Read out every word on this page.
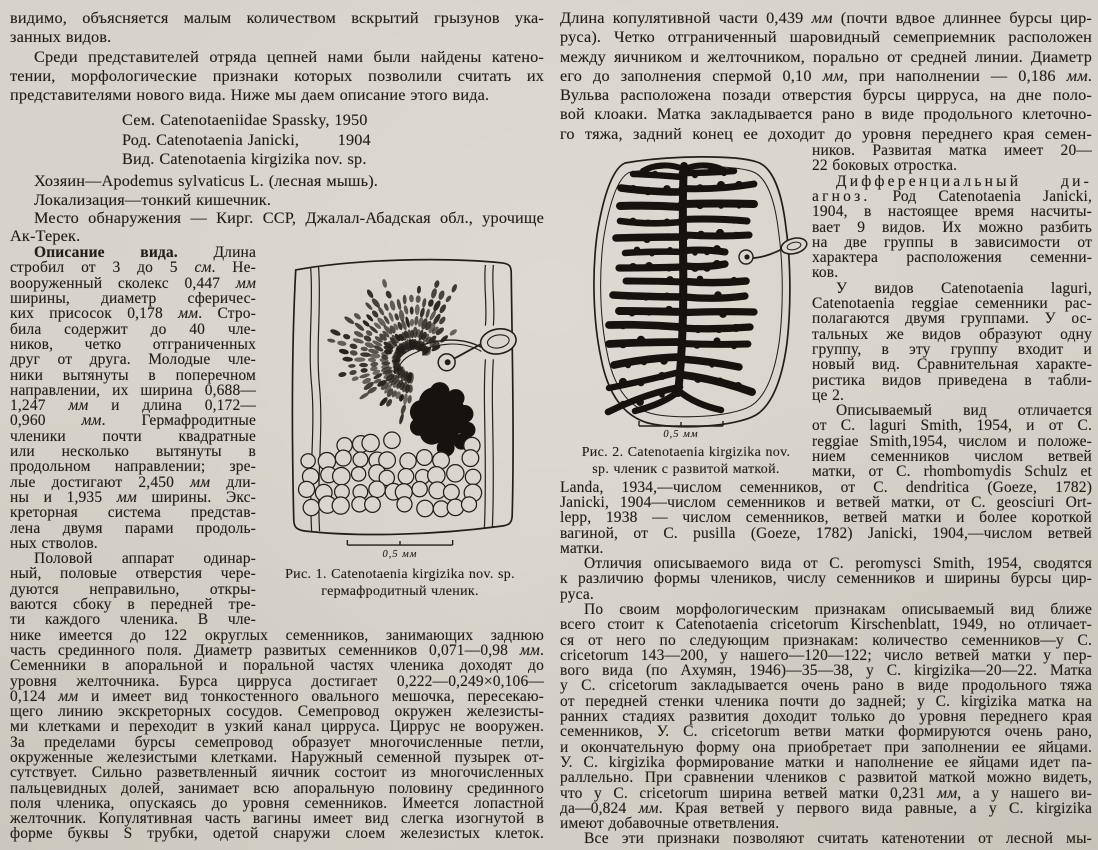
видимо, объясняется малым количеством вскрытий грызунов ука-
занных видов.
Среди представителей отряда цепней нами были найдены катено-
тении, морфологические признаки которых позволили считать их
представителями нового вида. Ниже мы даем описание этого вида.
Сем. Catenotaeniidae Spassky, 1950
Род. Catenotaenia Janicki,        1904
Вид. Catenotaenia kirgizika nov. sp.
Хозяин—Apodemus sylvaticus L. (лесная мышь).
Локализация—тонкий кишечник.
Место обнаружения — Кирг. ССР, Джалал-Абадская обл., урочище
Ак-Терек.
Описание вида. Длина
стробил от 3 до 5 см. Не-
вооруженный сколекс 0,447 мм
ширины, диаметр сферичес-
ких присосок 0,178 мм. Стро-
била содержит до 40 чле-
ников, четко отграниченных
друг от друга. Молодые чле-
ники вытянуты в поперечном
направлении, их ширина 0,688—
1,247 мм и длина 0,172—
0,960 мм. Гермафродитные
членики почти квадратные
или несколько вытянуты в
продольном направлении; зре-
лые достигают 2,450 мм дли-
ны и 1,935 мм ширины. Экс-
креторная система представ-
лена двумя парами продоль-
ных стволов.
Половой аппарат одинар-
ный, половые отверстия чере-
дуются неправильно, откры-
ваются сбоку в передней тре-
ти каждого членика. В чле-
0,5 мм
Рис. 1. Catenotaenia kirgizika nov. sp.
гермафродитный членик.
нике имеется до 122 округлых семенников, занимающих заднюю
часть срединного поля. Диаметр развитых семенников 0,071—0,98 мм.
Семенники в апоральной и поральной частях членика доходят до
уровня желточника. Бурса цирруса достигает 0,222—0,249×0,106—
0,124 мм и имеет вид тонкостенного овального мешочка, пересекаю-
щего линию экскреторных сосудов. Семепровод окружен железисты-
ми клетками и переходит в узкий канал цирруса. Циррус не вооружен.
За пределами бурсы семепровод образует многочисленные петли,
окруженные железистыми клетками. Наружный семенной пузырек от-
сутствует. Сильно разветвленный яичник состоит из многочисленных
пальцевидных долей, занимает всю апоральную половину срединного
поля членика, опускаясь до уровня семенников. Имеется лопастной
желточник. Копулятивная часть вагины имеет вид слегка изогнутой в
форме буквы S трубки, одетой снаружи слоем железистых клеток.
Длина копулятивной части 0,439 мм (почти вдвое длиннее бурсы цир-
руса). Четко отграниченный шаровидный семеприемник расположен
между яичником и желточником, порально от средней линии. Диаметр
его до заполнения спермой 0,10 мм, при наполнении — 0,186 мм.
Вульва расположена позади отверстия бурсы цирруса, на дне поло-
вой клоаки. Матка закладывается рано в виде продольного клеточно-
го тяжа, задний конец ее доходит до уровня переднего края семен-
0,5 мм
Рис. 2. Catenotaenia kirgizika nov.
sp. членик с развитой маткой.
ников. Развитая матка имеет 20—
22 боковых отростка.
Дифференциальный ди-
агноз. Род Catenotaenia Janicki,
1904, в настоящее время насчиты-
вает 9 видов. Их можно разбить
на две группы в зависимости от
характера расположения семенни-
ков.
У видов Catenotaenia laguri,
Catenotaenia reggiae семенники рас-
полагаются двумя группами. У ос-
тальных же видов образуют одну
группу, в эту группу входит и
новый вид. Сравнительная характе-
ристика видов приведена в табли-
це 2.
Описываемый вид отличается
от C. laguri Smith, 1954, и от C.
reggiae Smith,1954, числом и положе-
нием семенников числом ветвей
матки, от C. rhombomydis Schulz et
Landa, 1934,—числом семенников, от C. dendritica (Goeze, 1782)
Janicki, 1904—числом семенников и ветвей матки, от C. geosciuri Ort-
lepp, 1938 — числом семенников, ветвей матки и более короткой
вагиной, от C. pusilla (Goeze, 1782) Janicki, 1904,—числом ветвей
матки.
Отличия описываемого вида от C. peromysci Smith, 1954, сводятся
к различию формы члеников, числу семенников и ширины бурсы цир-
руса.
По своим морфологическим признакам описываемый вид ближе
всего стоит к Catenotaenia cricetorum Kirschenblatt, 1949, но отличает-
ся от него по следующим признакам: количество семенников—у C.
cricetorum 143—200, у нашего—120—122; число ветвей матки у пер-
вого вида (по Ахумян, 1946)—35—38, у C. kirgizika—20—22. Матка
у C. cricetorum закладывается очень рано в виде продольного тяжа
от передней стенки членика почти до задней; у C. kirgizika матка на
ранних стадиях развития доходит только до уровня переднего края
семенников, У. C. cricetorum ветви матки формируются очень рано,
и окончательную форму она приобретает при заполнении ее яйцами.
У. C. kirgizika формирование матки и наполнение ее яйцами идет па-
раллельно. При сравнении члеников с развитой маткой можно видеть,
что у C. cricetorum ширина ветвей матки 0,231 мм, а у нашего ви-
да—0,824 мм. Края ветвей у первого вида равные, а у C. kirgizika
имеют добавочные ответвления.
Все эти признаки позволяют считать катенотении от лесной мы-
